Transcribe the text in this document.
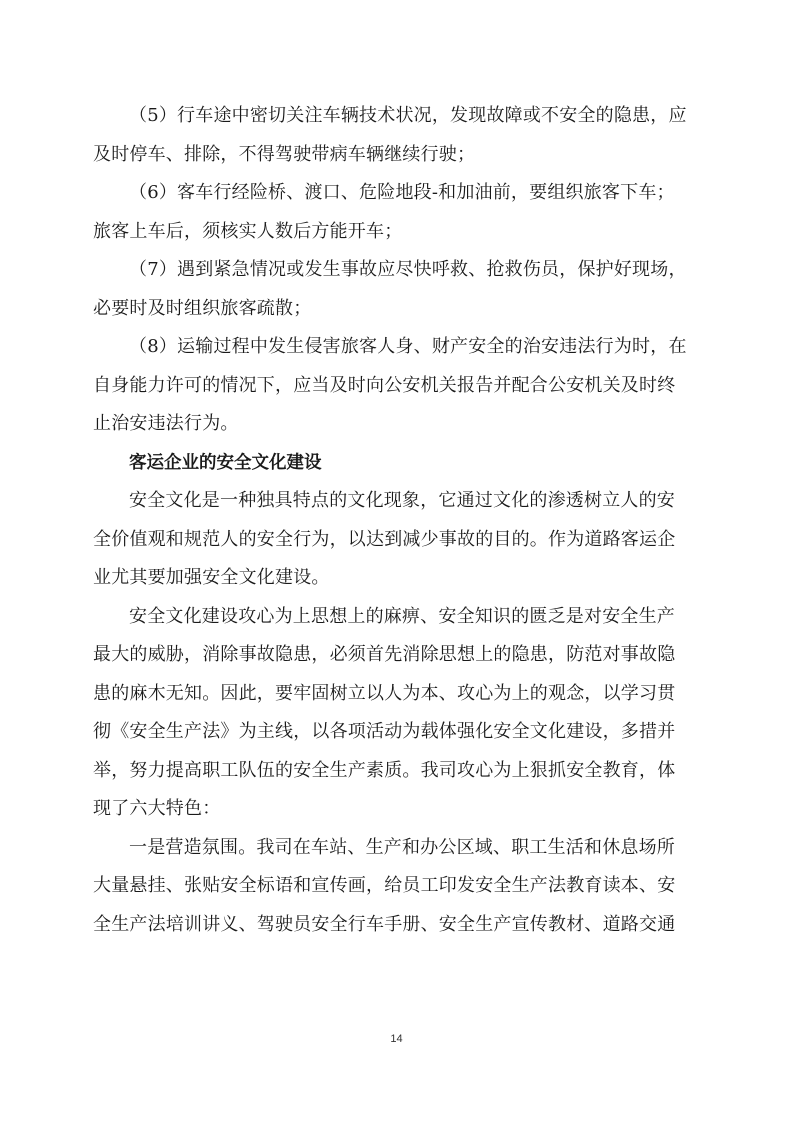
（5）行车途中密切关注车辆技术状况，发现故障或不安全的隐患，应
及时停车、排除，不得驾驶带病车辆继续行驶；

（6）客车行经险桥、渡口、危险地段-和加油前，要组织旅客下车；
旅客上车后，须核实人数后方能开车；

（7）遇到紧急情况或发生事故应尽快呼救、抢救伤员，保护好现场，
必要时及时组织旅客疏散；

（8）运输过程中发生侵害旅客人身、财产安全的治安违法行为时，在
自身能力许可的情况下，应当及时向公安机关报告并配合公安机关及时终
止治安违法行为。

客运企业的安全文化建设

安全文化是一种独具特点的文化现象，它通过文化的渗透树立人的安
全价值观和规范人的安全行为，以达到减少事故的目的。作为道路客运企
业尤其要加强安全文化建设。

安全文化建设攻心为上思想上的麻痹、安全知识的匮乏是对安全生产
最大的威胁，消除事故隐患，必须首先消除思想上的隐患，防范对事故隐
患的麻木无知。因此，要牢固树立以人为本、攻心为上的观念，以学习贯
彻《安全生产法》为主线，以各项活动为载体强化安全文化建设，多措并
举，努力提高职工队伍的安全生产素质。我司攻心为上狠抓安全教育，体
现了六大特色：

一是营造氛围。我司在车站、生产和办公区域、职工生活和休息场所
大量悬挂、张贴安全标语和宣传画，给员工印发安全生产法教育读本、安
全生产法培训讲义、驾驶员安全行车手册、安全生产宣传教材、道路交通

14
